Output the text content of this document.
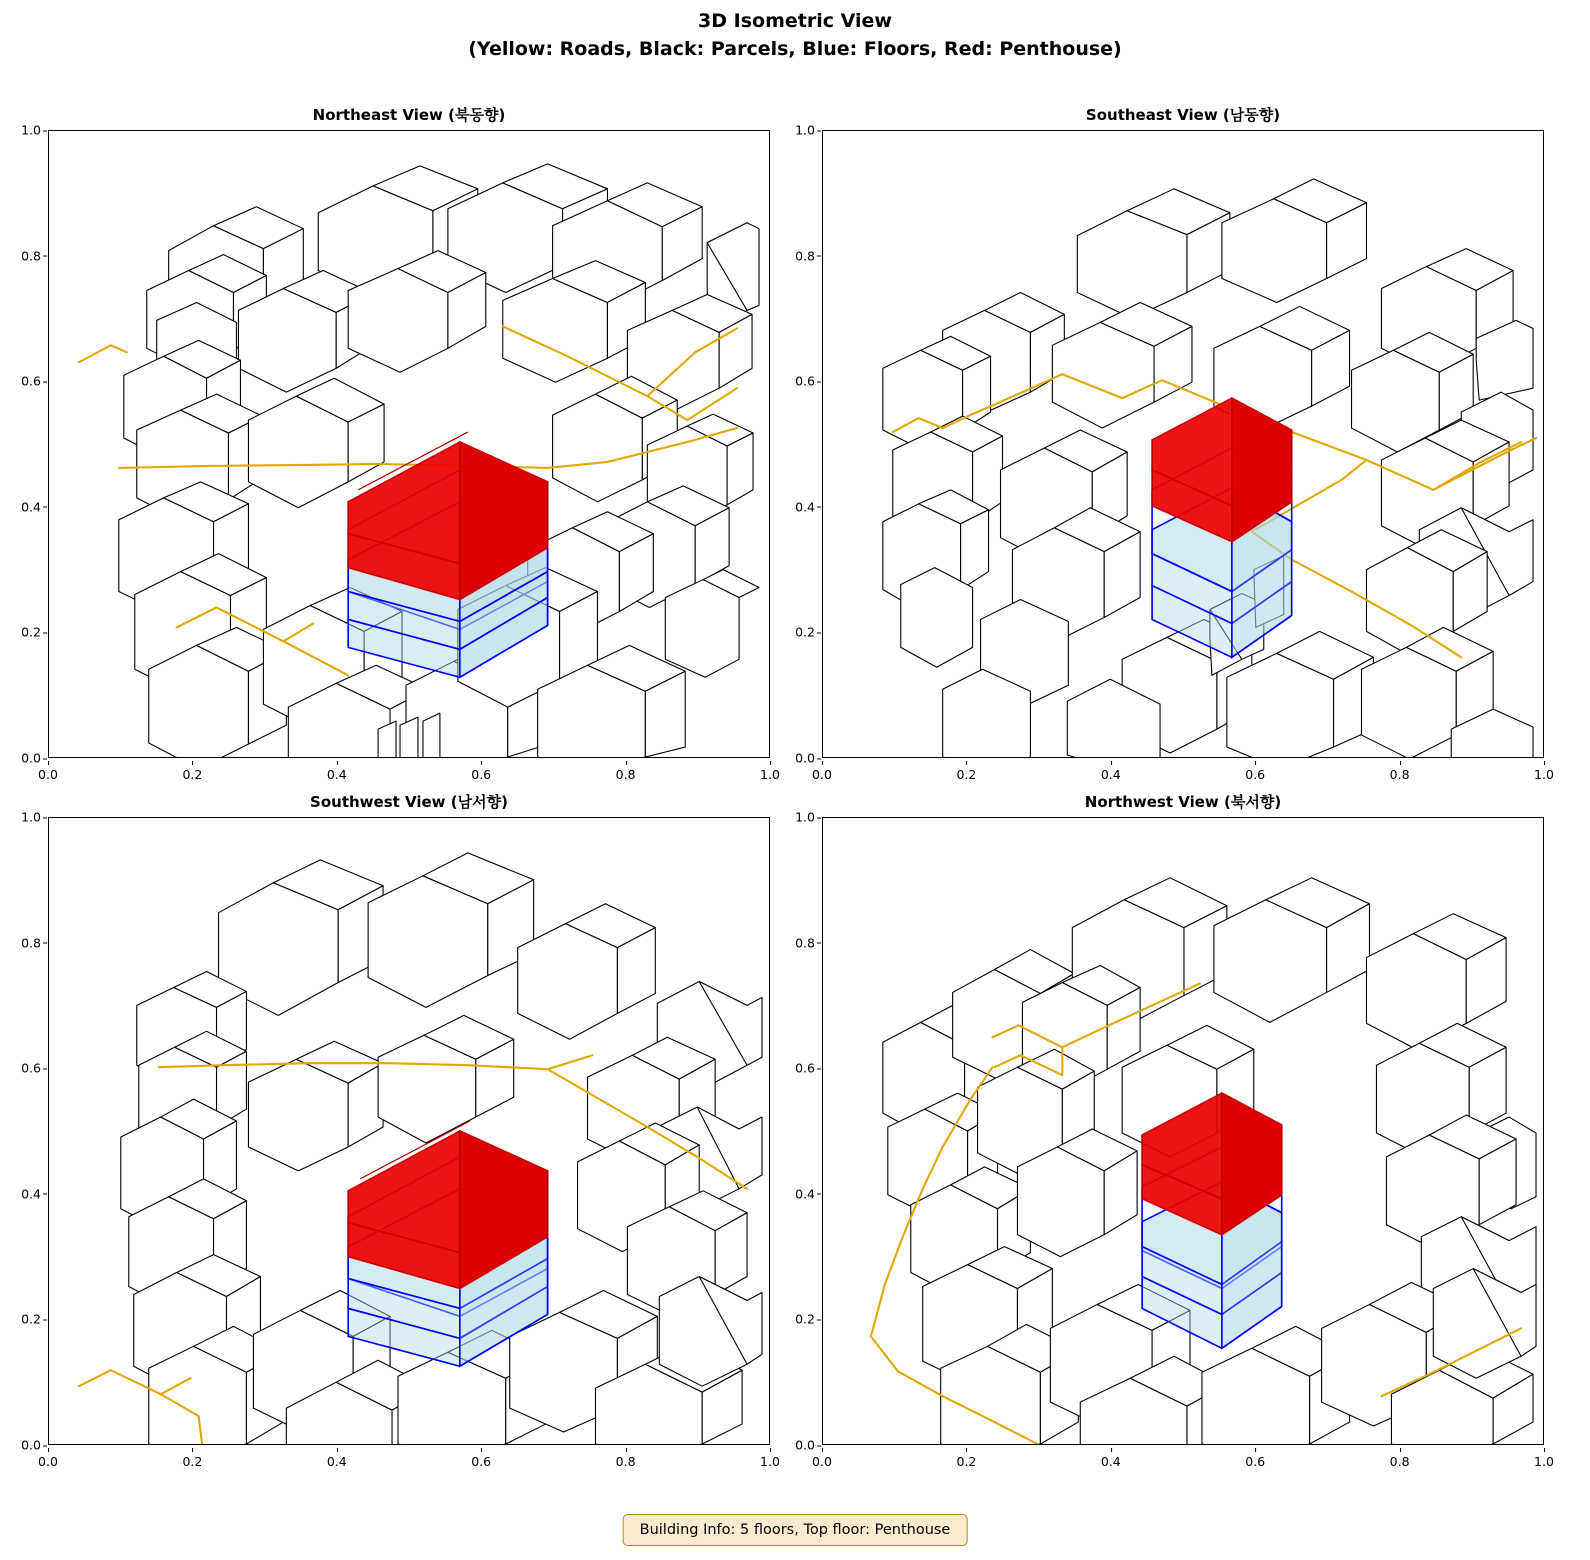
3D Isometric View
(Yellow: Roads, Black: Parcels, Blue: Floors, Red: Penthouse)
Northeast View (북동향)
1.0
0.8
0.6
0.4
0.2
0.0
0.0	0.2	0.4	0.6	0.8	1.0
Southeast View (남동향)
1.0
0.8
0.6
0.4
0.2
0.0
0.0	0.2	0.4	0.6	0.8	1.0
Southwest View (남서향)
1.0
0.8
0.6
0.4
0.2
0.0
0.0	0.2	0.4	0.6	0.8	1.0
Northwest View (북서향)
1.0
0.8
0.6
0.4
0.2
0.0
0.0	0.2	0.4	0.6	0.8	1.0
Building Info: 5 floors, Top floor: Penthouse
